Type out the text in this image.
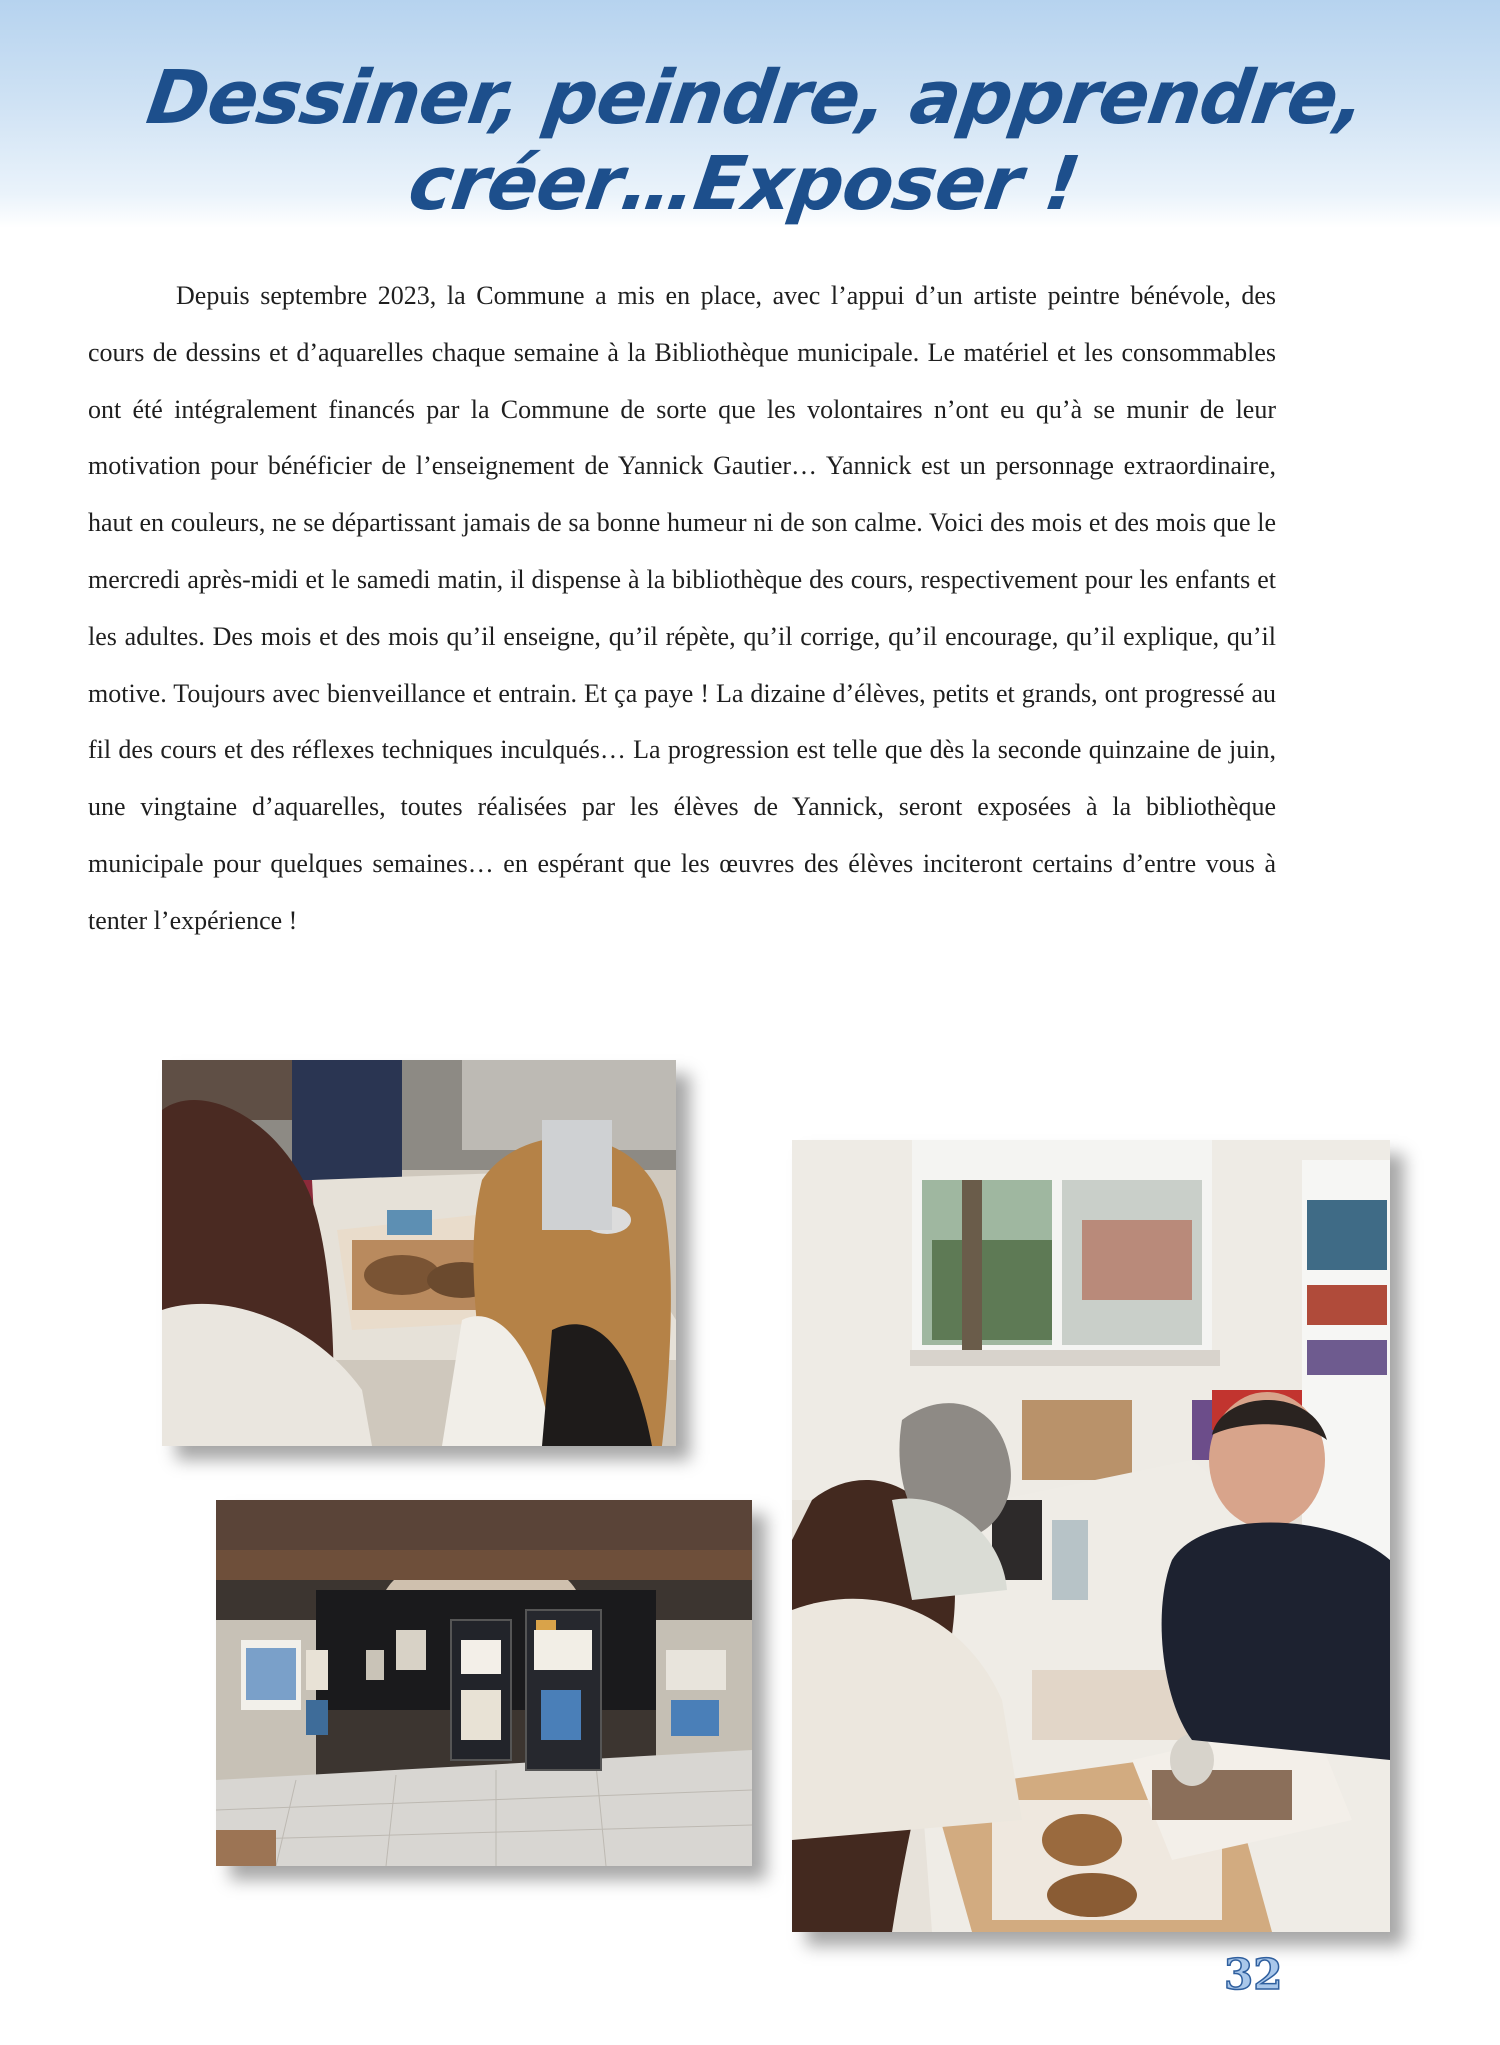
Dessiner, peindre, apprendre, créer…Exposer !

Depuis septembre 2023, la Commune a mis en place, avec l’appui d’un artiste peintre bénévole, des cours de dessins et d’aquarelles chaque semaine à la Bibliothèque municipale. Le matériel et les consommables ont été intégralement financés par la Commune de sorte que les volontaires n’ont eu qu’à se munir de leur motivation pour bénéficier de l’enseignement de Yannick Gautier… Yannick est un personnage extraordinaire, haut en couleurs, ne se départissant jamais de sa bonne humeur ni de son calme. Voici des mois et des mois que le mercredi après-midi et le samedi matin, il dispense à la bibliothèque des cours, respectivement pour les enfants et les adultes. Des mois et des mois qu’il enseigne, qu’il répète, qu’il corrige, qu’il encourage, qu’il explique, qu’il motive. Toujours avec bienveillance et entrain. Et ça paye ! La dizaine d’élèves, petits et grands, ont progressé au fil des cours et des réflexes techniques inculqués… La progression est telle que dès la seconde quinzaine de juin, une vingtaine d’aquarelles, toutes réalisées par les élèves de Yannick, seront exposées à la bibliothèque municipale pour quelques semaines… en espérant que les œuvres des élèves inciteront certains d’entre vous à tenter l’expérience !

32
